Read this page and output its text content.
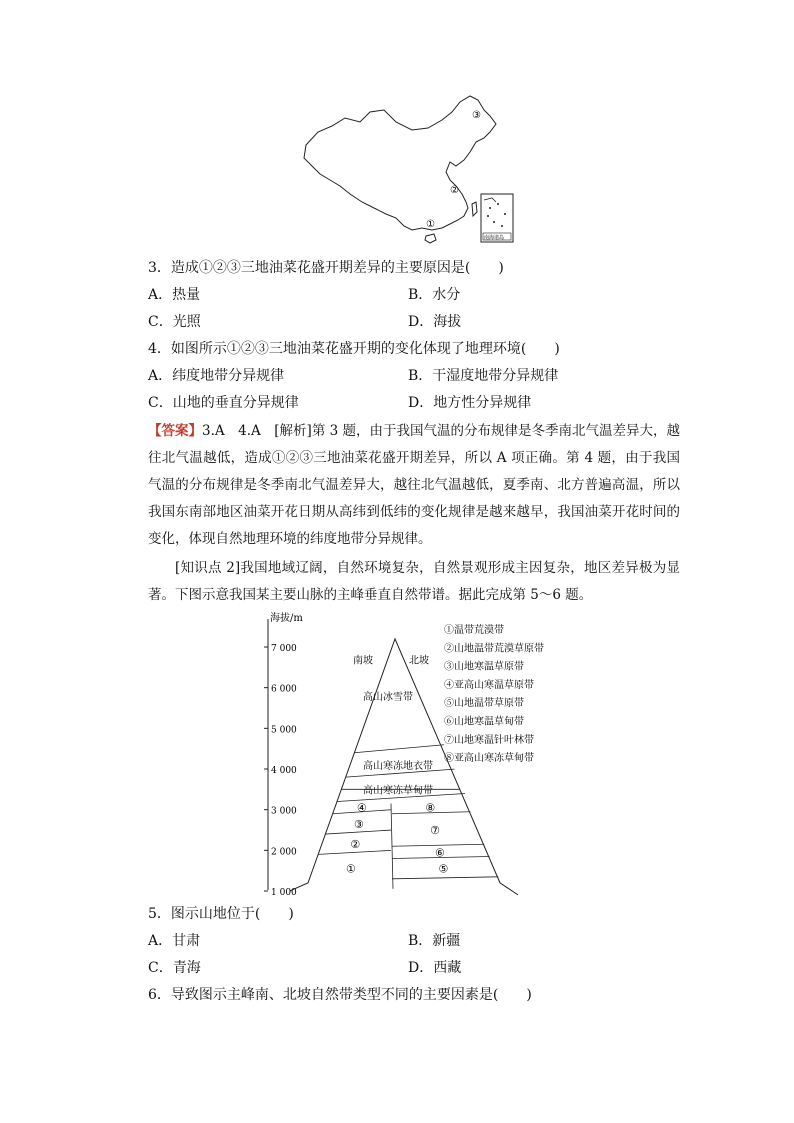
①
②
③
南海诸岛
3．造成①②③三地油菜花盛开期差异的主要原因是(　　)
A．热量	B．水分
C．光照	D．海拔
4．如图所示①②③三地油菜花盛开期的变化体现了地理环境(　　)
A．纬度地带分异规律	B．干湿度地带分异规律
C．山地的垂直分异规律	D．地方性分异规律
【答案】3.A　4.A　[解析]第 3 题，由于我国气温的分布规律是冬季南北气温差异大，越往北气温越低，造成①②③三地油菜花盛开期差异，所以 A 项正确。第 4 题，由于我国气温的分布规律是冬季南北气温差异大，越往北气温越低，夏季南、北方普遍高温，所以我国东南部地区油菜开花日期从高纬到低纬的变化规律是越来越早，我国油菜开花时间的变化，体现自然地理环境的纬度地带分异规律。
[知识点 2]我国地域辽阔，自然环境复杂，自然景观形成主因复杂，地区差异极为显著。下图示意我国某主要山脉的主峰垂直自然带谱。据此完成第 5～6 题。
海拔/m
7 000
6 000
5 000
4 000
3 000
2 000
1 000
南坡	北坡
高山冰雪带
高山寒冻地衣带
高山寒冻草甸带
④
③
②
①
⑧
⑦
⑥
⑤
①温带荒漠带
②山地温带荒漠草原带
③山地寒温草原带
④亚高山寒温草原带
⑤山地温带草原带
⑥山地寒温草甸带
⑦山地寒温针叶林带
⑧亚高山寒冻草甸带
5．图示山地位于(　　)
A．甘肃	B．新疆
C．青海	D．西藏
6．导致图示主峰南、北坡自然带类型不同的主要因素是(　　)
